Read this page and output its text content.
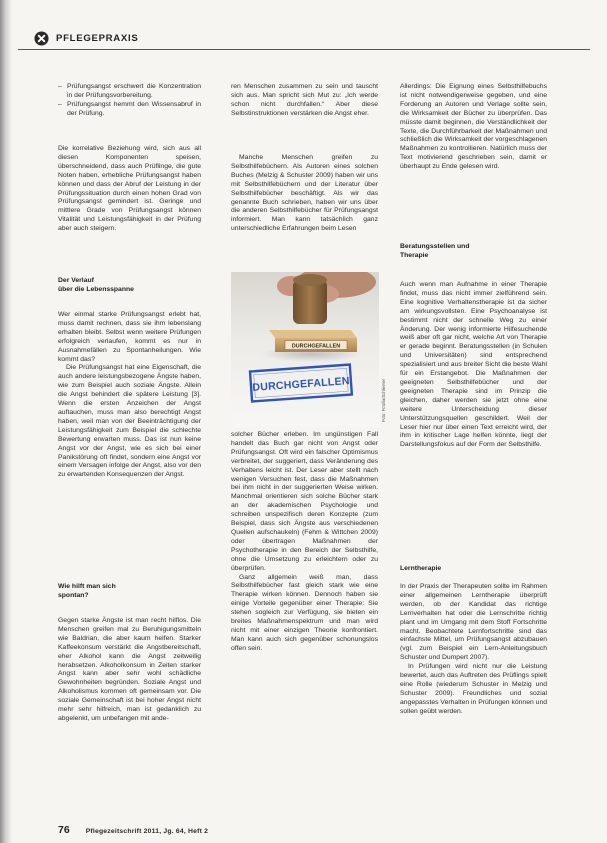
PFLEGEPRAXIS
– Prüfungsangst erschwert die Konzentration in der Prüfungsvorbereitung.
– Prüfungsangst hemmt den Wissensabruf in der Prüfung.

Die korrelative Beziehung wird, sich aus all diesen Komponenten speisen, überschneidend, dass auch Prüflinge, die gute Noten haben, erhebliche Prüfungsangst haben können und dass der Abruf der Leistung in der Prüfungssituation durch einen hohen Grad von Prüfungsangst gemindert ist. Geringe und mittlere Grade von Prüfungsangst können Vitalität und Leistungsfähigkeit in der Prüfung aber auch steigern.

Der Verlauf
über die Lebensspanne

Wer einmal starke Prüfungsangst erlebt hat, muss damit rechnen, dass sie ihm lebenslang erhalten bleibt. Selbst wenn weitere Prüfungen erfolgreich verlaufen, kommt es nur in Ausnahmefällen zu Spontanheilungen. Wie kommt das?

Die Prüfungsangst hat eine Eigenschaft, die auch andere leistungsbezogene Ängste haben, wie zum Beispiel auch soziale Ängste. Allein die Angst behindert die spätere Leistung [3]. Wenn die ersten Anzeichen der Angst auftauchen, muss man also berechtigt Angst haben, weil man von der Beeinträchtigung der Leistungsfähigkeit zum Beispiel die schlechte Bewertung erwarten muss. Das ist nun keine Angst vor der Angst, wie es sich bei einer Panikstörung oft findet, sondern eine Angst vor einem Versagen infolge der Angst, also vor den zu erwartenden Konsequenzen der Angst.

Wie hilft man sich
spontan?

Gegen starke Ängste ist man recht hilflos. Die Menschen greifen mal zu Beruhigungsmitteln wie Baldrian, die aber kaum helfen. Starker Kaffeekonsum verstärkt die Angstbereitschaft, eher Alkohol kann die Angst zeitweilig herabsetzen. Alkoholkonsum in Zeiten starker Angst kann aber sehr wohl schädliche Gewohnheiten begründen. Soziale Angst und Alkoholismus kommen oft gemeinsam vor. Die soziale Gemeinschaft ist bei hoher Angst nicht mehr sehr hilfreich, man ist gedanklich zu abgelenkt, um unbefangen mit ande-

ren Menschen zusammen zu sein und tauscht sich aus. Man spricht sich Mut zu: „Ich werde schon nicht durchfallen.“ Aber diese Selbstinstruktionen verstärken die Angst eher.

Manche Menschen greifen zu Selbsthilfebüchern. Als Autoren eines solchen Buches (Melzig & Schuster 2009) haben wir uns mit Selbsthilfebüchern und der Literatur über Selbsthilfebücher beschäftigt. Als wir das genannte Buch schrieben, haben wir uns über die anderen Selbsthilfebücher für Prüfungsangst informiert. Man kann tatsächlich ganz unterschiedliche Erfahrungen beim Lesen

DURCHGEFALLEN
DURCHGEFALLEN	Foto: Fotolia/Schliemer

solcher Bücher erleben. Im ungünstigen Fall handelt das Buch gar nicht von Angst oder Prüfungsangst. Oft wird ein falscher Optimismus verbreitet, der suggeriert, dass Veränderung des Verhaltens leicht ist. Der Leser aber stellt nach wenigen Versuchen fest, dass die Maßnahmen bei ihm nicht in der suggerierten Weise wirken. Manchmal orientieren sich solche Bücher stark an der akademischen Psychologie und schreiben unspezifisch deren Konzepte (zum Beispiel, dass sich Ängste aus verschiedenen Quellen aufschaukeln) (Fehm & Wittchen 2009) oder übertragen Maßnahmen der Psychotherapie in den Bereich der Selbsthilfe, ohne die Umsetzung zu erleichtern oder zu überprüfen.

Ganz allgemein weiß man, dass Selbsthilfebücher fast gleich stark wie eine Therapie wirken können. Dennoch haben sie einige Vorteile gegenüber einer Therapie: Sie stehen sogleich zur Verfügung, sie bieten ein breites Maßnahmenspektrum und man wird nicht mit einer einzigen Theorie konfrontiert. Man kann auch sich gegenüber schonungslos offen sein.

Allerdings: Die Eignung eines Selbsthilfebuchs ist nicht notwendigerweise gegeben, und eine Forderung an Autoren und Verlage sollte sein, die Wirksamkeit der Bücher zu überprüfen. Das müsste damit beginnen, die Verständlichkeit der Texte, die Durchführbarkeit der Maßnahmen und schließlich die Wirksamkeit der vorgeschlagenen Maßnahmen zu kontrollieren. Natürlich muss der Text motivierend geschrieben sein, damit er überhaupt zu Ende gelesen wird.

Beratungsstellen und
Therapie

Auch wenn man Aufnahme in einer Therapie findet, muss das nicht immer zielführend sein. Eine kognitive Verhaltenstherapie ist da sicher am wirkungsvollsten. Eine Psychoanalyse ist bestimmt nicht der schnelle Weg zu einer Änderung. Der wenig informierte Hilfesuchende weiß aber oft gar nicht, welche Art von Therapie er gerade beginnt. Beratungsstellen (in Schulen und Universitäten) sind entsprechend spezialisiert und aus breiter Sicht die beste Wahl für ein Erstangebot. Die Maßnahmen der geeigneten Selbsthilfebücher und der geeigneten Therapie sind im Prinzip die gleichen, daher werden sie jetzt ohne eine weitere Unterscheidung dieser Unterstützungsquellen geschildert. Weil der Leser hier nur über einen Text erreicht wird, der ihm in kritischer Lage helfen könnte, liegt der Darstellungsfokus auf der Form der Selbsthilfe.

Lerntherapie

In der Praxis der Therapeuten sollte im Rahmen einer allgemeinen Lerntherapie überprüft werden, ob der Kandidat das richtige Lernverhalten hat oder die Lernschritte richtig plant und im Umgang mit dem Stoff Fortschritte macht. Beobachtete Lernfortschritte sind das einfachste Mittel, um Prüfungsangst abzubauen (vgl. zum Beispiel ein Lern-Anleitungsbuch Schuster und Dumpert 2007).

In Prüfungen wird nicht nur die Leistung bewertet, auch das Auftreten des Prüflings spielt eine Rolle (wiederum Schuster in Melzig und Schuster 2009). Freundliches und sozial angepasstes Verhalten in Prüfungen können und sollen geübt werden.

76 Pflegezeitschrift 2011, Jg. 64, Heft 2
